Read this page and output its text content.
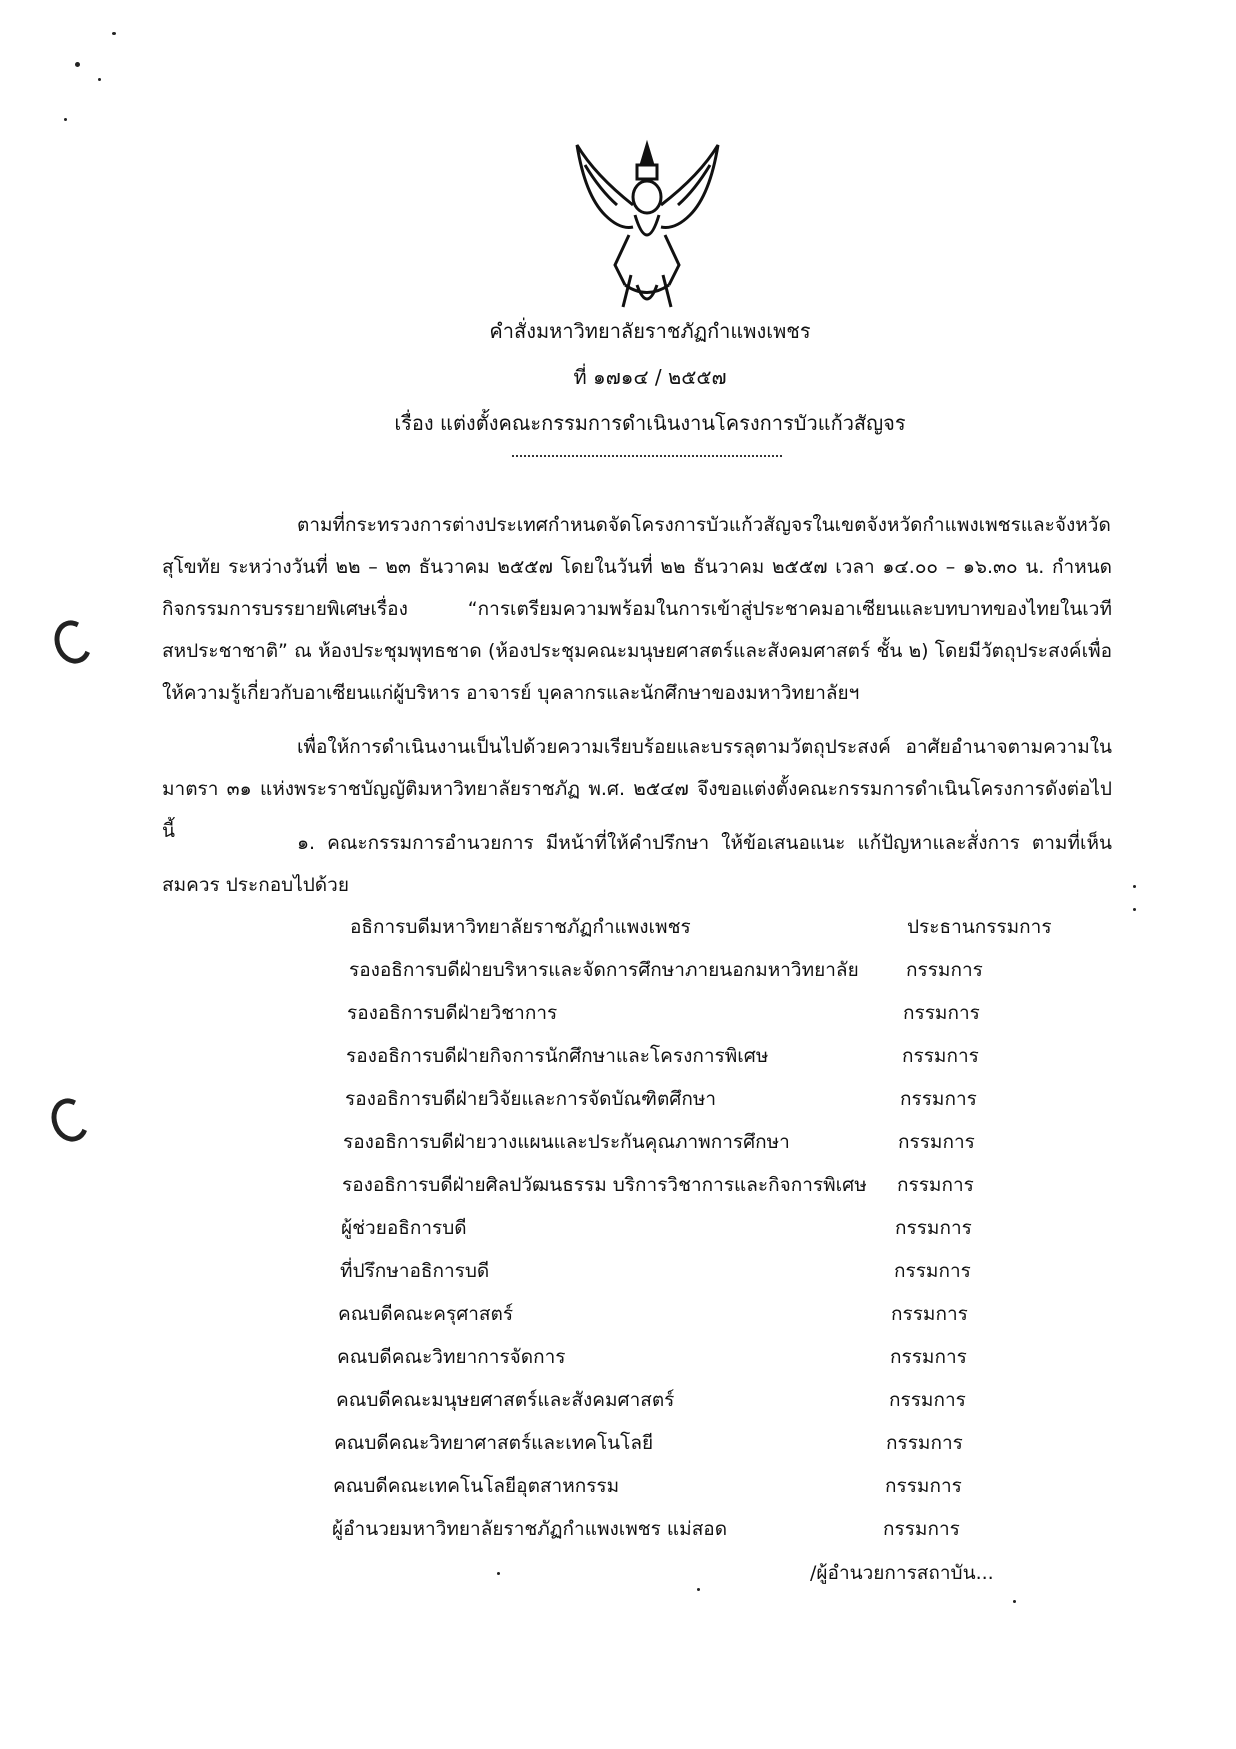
คำสั่งมหาวิทยาลัยราชภัฏกำแพงเพชร
ที่ ๑๗๑๔ / ๒๕๕๗
เรื่อง แต่งตั้งคณะกรรมการดำเนินงานโครงการบัวแก้วสัญจร
ตามที่กระทรวงการต่างประเทศกำหนดจัดโครงการบัวแก้วสัญจรในเขตจังหวัดกำแพงเพชรและจังหวัด สุโขทัย ระหว่างวันที่ ๒๒ – ๒๓ ธันวาคม ๒๕๕๗ โดยในวันที่ ๒๒ ธันวาคม ๒๕๕๗ เวลา ๑๔.๐๐ – ๑๖.๓๐ น. กำหนดกิจกรรมการบรรยายพิเศษเรื่อง “การเตรียมความพร้อมในการเข้าสู่ประชาคมอาเซียนและบทบาทของไทยในเวทีสหประชาชาติ” ณ ห้องประชุมพุทธชาด (ห้องประชุมคณะมนุษยศาสตร์และสังคมศาสตร์ ชั้น ๒) โดยมีวัตถุประสงค์เพื่อให้ความรู้เกี่ยวกับอาเซียนแก่ผู้บริหาร อาจารย์ บุคลากรและนักศึกษาของมหาวิทยาลัยฯ
เพื่อให้การดำเนินงานเป็นไปด้วยความเรียบร้อยและบรรลุตามวัตถุประสงค์ อาศัยอำนาจตามความใน มาตรา ๓๑ แห่งพระราชบัญญัติมหาวิทยาลัยราชภัฏ พ.ศ. ๒๕๔๗ จึงขอแต่งตั้งคณะกรรมการดำเนินโครงการดังต่อไปนี้
๑. คณะกรรมการอำนวยการ มีหน้าที่ให้คำปรึกษา ให้ข้อเสนอแนะ แก้ปัญหาและสั่งการ ตามที่เห็นสมควร ประกอบไปด้วย
อธิการบดีมหาวิทยาลัยราชภัฏกำแพงเพชร	ประธานกรรมการ
รองอธิการบดีฝ่ายบริหารและจัดการศึกษาภายนอกมหาวิทยาลัย กรรมการ
รองอธิการบดีฝ่ายวิชาการ	กรรมการ
รองอธิการบดีฝ่ายกิจการนักศึกษาและโครงการพิเศษ	กรรมการ
รองอธิการบดีฝ่ายวิจัยและการจัดบัณฑิตศึกษา	กรรมการ
รองอธิการบดีฝ่ายวางแผนและประกันคุณภาพการศึกษา	กรรมการ
รองอธิการบดีฝ่ายศิลปวัฒนธรรม บริการวิชาการและกิจการพิเศษ กรรมการ
ผู้ช่วยอธิการบดี	กรรมการ
ที่ปรึกษาอธิการบดี	กรรมการ
คณบดีคณะครุศาสตร์	กรรมการ
คณบดีคณะวิทยาการจัดการ	กรรมการ
คณบดีคณะมนุษยศาสตร์และสังคมศาสตร์	กรรมการ
คณบดีคณะวิทยาศาสตร์และเทคโนโลยี	กรรมการ
คณบดีคณะเทคโนโลยีอุตสาหกรรม	กรรมการ
ผู้อำนวยมหาวิทยาลัยราชภัฏกำแพงเพชร แม่สอด	กรรมการ
/ผู้อำนวยการสถาบัน...
